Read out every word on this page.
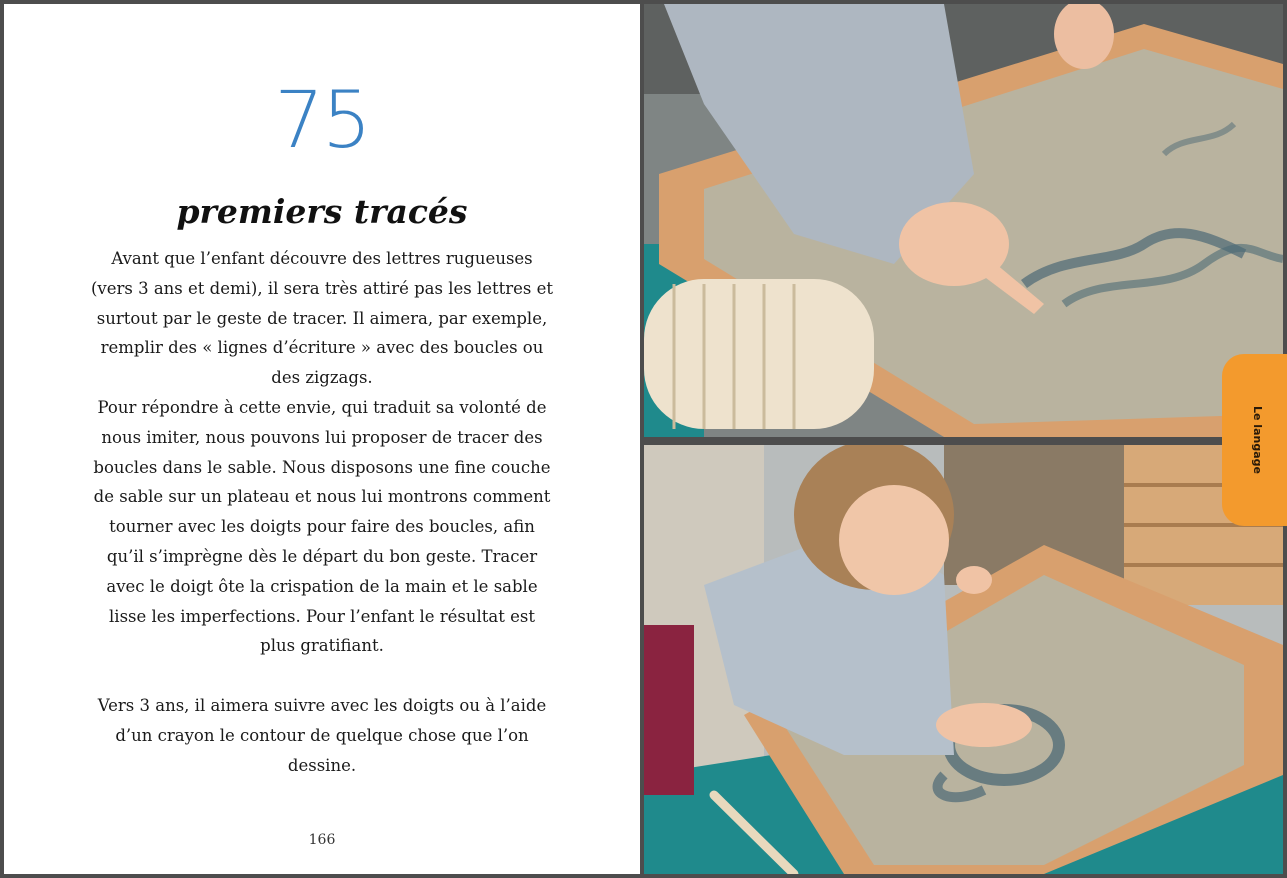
75
premiers tracés

Avant que l’enfant découvre des lettres rugueuses (vers 3 ans et demi), il sera très attiré pas les lettres et surtout par le geste de tracer. Il aimera, par exemple, remplir des « lignes d’écriture » avec des boucles ou des zigzags.

Pour répondre à cette envie, qui traduit sa volonté de nous imiter, nous pouvons lui proposer de tracer des boucles dans le sable. Nous disposons une fine couche de sable sur un plateau et nous lui montrons comment tourner avec les doigts pour faire des boucles, afin qu’il s’imprègne dès le départ du bon geste. Tracer avec le doigt ôte la crispation de la main et le sable lisse les imperfections. Pour l’enfant le résultat est plus gratifiant.

Vers 3 ans, il aimera suivre avec les doigts ou à l’aide d’un crayon le contour de quelque chose que l’on dessine.

166
Le langage
